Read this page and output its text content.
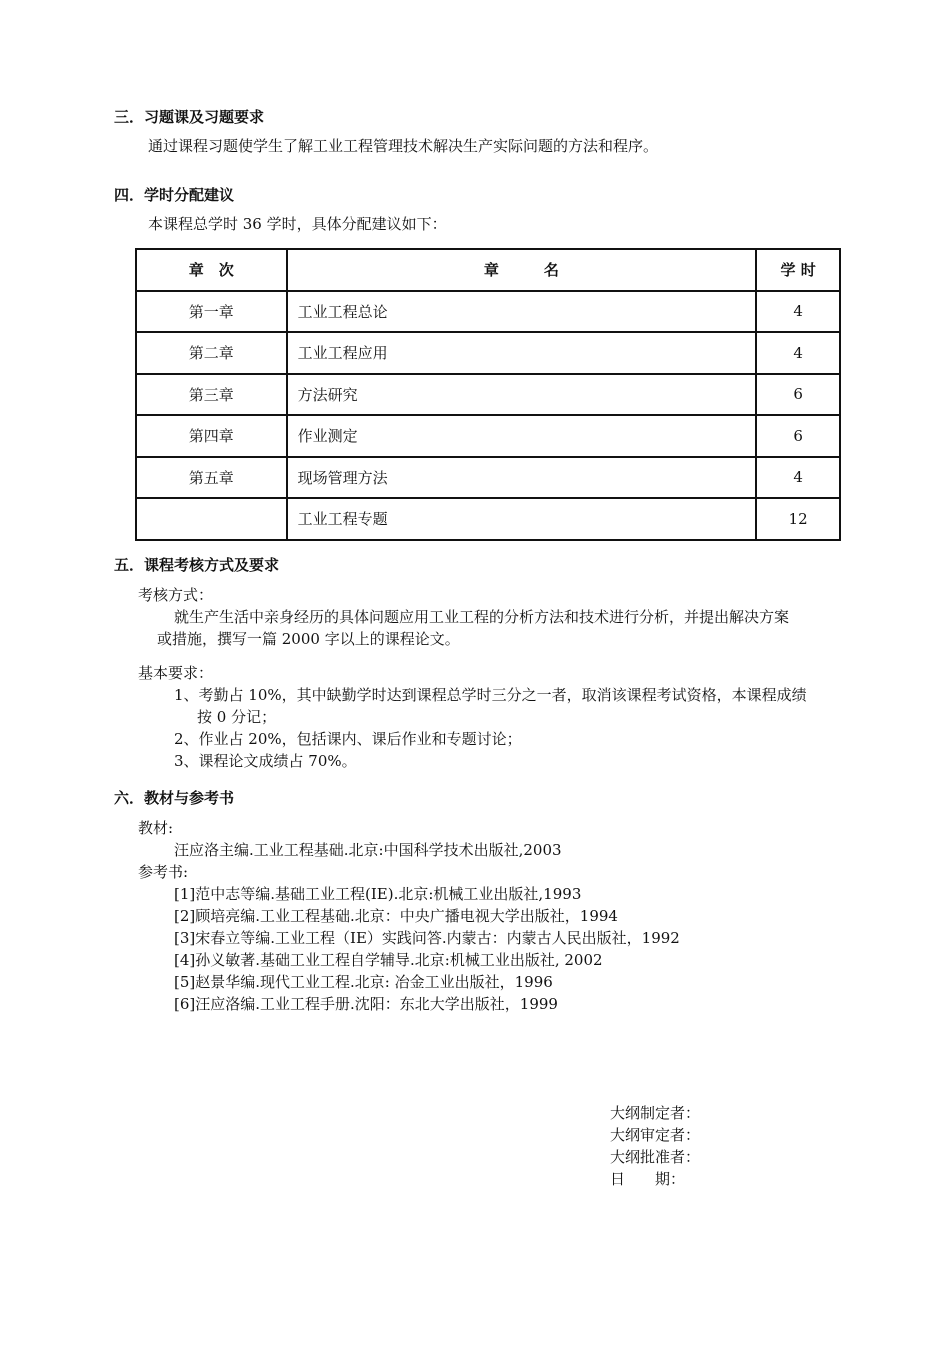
三．习题课及习题要求
通过课程习题使学生了解工业工程管理技术解决生产实际问题的方法和程序。
四．学时分配建议
本课程总学时 36 学时，具体分配建议如下：
章　次	章　　　名	学 时
第一章	工业工程总论	4
第二章	工业工程应用	4
第三章	方法研究	6
第四章	作业测定	6
第五章	现场管理方法	4
	工业工程专题	12
五．课程考核方式及要求
考核方式：
就生产生活中亲身经历的具体问题应用工业工程的分析方法和技术进行分析，并提出解决方案
或措施，撰写一篇 2000 字以上的课程论文。
基本要求：
1、考勤占 10%，其中缺勤学时达到课程总学时三分之一者，取消该课程考试资格，本课程成绩
按 0 分记；
2、作业占 20%，包括课内、课后作业和专题讨论；
3、课程论文成绩占 70%。
六．教材与参考书
教材:
汪应洛主编.工业工程基础.北京:中国科学技术出版社,2003
参考书:
[1]范中志等编.基础工业工程(IE).北京:机械工业出版社,1993
[2]顾培亮编.工业工程基础.北京：中央广播电视大学出版社，1994
[3]宋春立等编.工业工程（IE）实践问答.内蒙古：内蒙古人民出版社，1992
[4]孙义敏著.基础工业工程自学辅导.北京:机械工业出版社, 2002
[5]赵景华编.现代工业工程.北京: 冶金工业出版社，1996
[6]汪应洛编.工业工程手册.沈阳：东北大学出版社，1999
大纲制定者：
大纲审定者：
大纲批准者：
日　　期：
